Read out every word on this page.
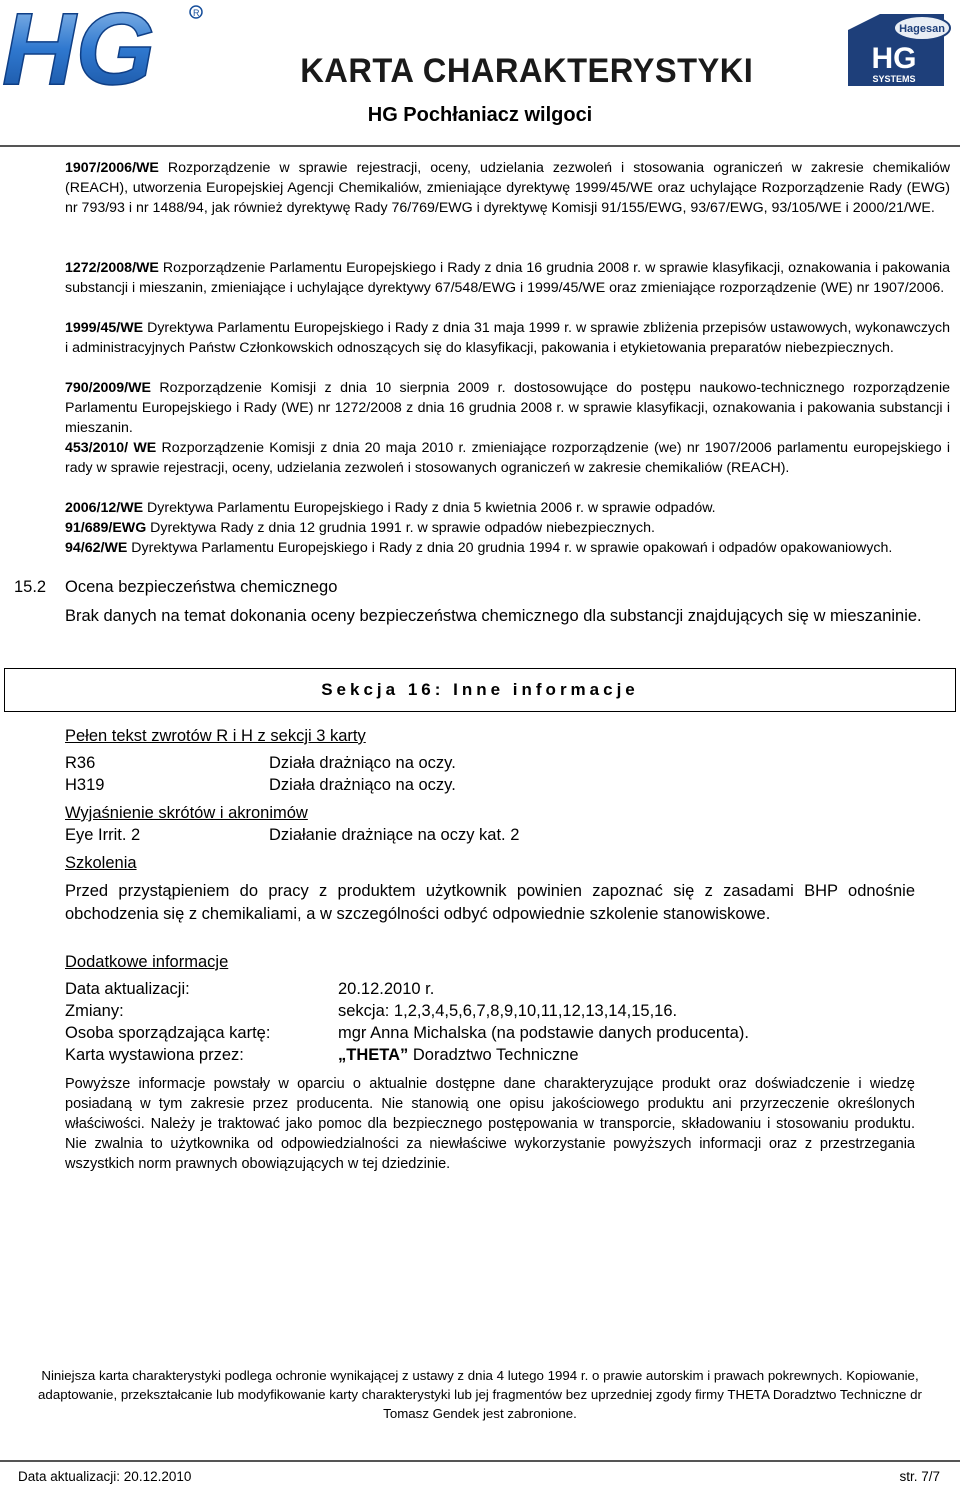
HG	R
Hagesan
HG
SYSTEMS
KARTA CHARAKTERYSTYKI
HG Pochłaniacz wilgoci
1907/2006/WE Rozporządzenie w sprawie rejestracji, oceny, udzielania zezwoleń i stosowania ograniczeń w zakresie chemikaliów (REACH), utworzenia Europejskiej Agencji Chemikaliów, zmieniające dyrektywę 1999/45/WE oraz uchylające Rozporządzenie Rady (EWG) nr 793/93 i nr 1488/94, jak również dyrektywę Rady 76/769/EWG i dyrektywę Komisji 91/155/EWG, 93/67/EWG, 93/105/WE i 2000/21/WE.
1272/2008/WE Rozporządzenie Parlamentu Europejskiego i Rady z dnia 16 grudnia 2008 r. w sprawie klasyfikacji, oznakowania i pakowania substancji i mieszanin, zmieniające i uchylające dyrektywy 67/548/EWG i 1999/45/WE oraz zmieniające rozporządzenie (WE) nr 1907/2006.
1999/45/WE Dyrektywa Parlamentu Europejskiego i Rady z dnia 31 maja 1999 r. w sprawie zbliżenia przepisów ustawowych, wykonawczych i administracyjnych Państw Członkowskich odnoszących się do klasyfikacji, pakowania i etykietowania preparatów niebezpiecznych.
790/2009/WE Rozporządzenie Komisji z dnia 10 sierpnia 2009 r. dostosowujące do postępu naukowo-technicznego rozporządzenie Parlamentu Europejskiego i Rady (WE) nr 1272/2008 z dnia 16 grudnia 2008 r. w sprawie klasyfikacji, oznakowania i pakowania substancji i mieszanin.
453/2010/ WE Rozporządzenie Komisji z dnia 20 maja 2010 r. zmieniające rozporządzenie (we) nr 1907/2006 parlamentu europejskiego i rady w sprawie rejestracji, oceny, udzielania zezwoleń i stosowanych ograniczeń w zakresie chemikaliów (REACH).
2006/12/WE Dyrektywa Parlamentu Europejskiego i Rady z dnia 5 kwietnia 2006 r. w sprawie odpadów.
91/689/EWG Dyrektywa Rady z dnia 12 grudnia 1991 r. w sprawie odpadów niebezpiecznych.
94/62/WE Dyrektywa Parlamentu Europejskiego i Rady z dnia 20 grudnia 1994 r. w sprawie opakowań i odpadów opakowaniowych.
15.2 Ocena bezpieczeństwa chemicznego
Brak danych na temat dokonania oceny bezpieczeństwa chemicznego dla substancji znajdujących się w mieszaninie.
Sekcja 16: Inne informacje
Pełen tekst zwrotów R i H z sekcji 3 karty
R36	Działa drażniąco na oczy.
H319	Działa drażniąco na oczy.
Wyjaśnienie skrótów i akronimów
Eye Irrit. 2	Działanie drażniące na oczy kat. 2
Szkolenia
Przed przystąpieniem do pracy z produktem użytkownik powinien zapoznać się z zasadami BHP odnośnie obchodzenia się z chemikaliami, a w szczególności odbyć odpowiednie szkolenie stanowiskowe.
Dodatkowe informacje
Data aktualizacji:	20.12.2010 r.
Zmiany:	sekcja: 1,2,3,4,5,6,7,8,9,10,11,12,13,14,15,16.
Osoba sporządzająca kartę:	mgr Anna Michalska (na podstawie danych producenta).
Karta wystawiona przez:	„THETA” Doradztwo Techniczne
Powyższe informacje powstały w oparciu o aktualnie dostępne dane charakteryzujące produkt oraz doświadczenie i wiedzę posiadaną w tym zakresie przez producenta. Nie stanowią one opisu jakościowego produktu ani przyrzeczenie określonych właściwości. Należy je traktować jako pomoc dla bezpiecznego postępowania w transporcie, składowaniu i stosowaniu produktu. Nie zwalnia to użytkownika od odpowiedzialności za niewłaściwe wykorzystanie powyższych informacji oraz z przestrzegania wszystkich norm prawnych obowiązujących w tej dziedzinie.
Niniejsza karta charakterystyki podlega ochronie wynikającej z ustawy z dnia 4 lutego 1994 r. o prawie autorskim i prawach pokrewnych. Kopiowanie, adaptowanie, przekształcanie lub modyfikowanie karty charakterystyki lub jej fragmentów bez uprzedniej zgody firmy THETA Doradztwo Techniczne dr Tomasz Gendek jest zabronione.
Data aktualizacji: 20.12.2010	str. 7/7
